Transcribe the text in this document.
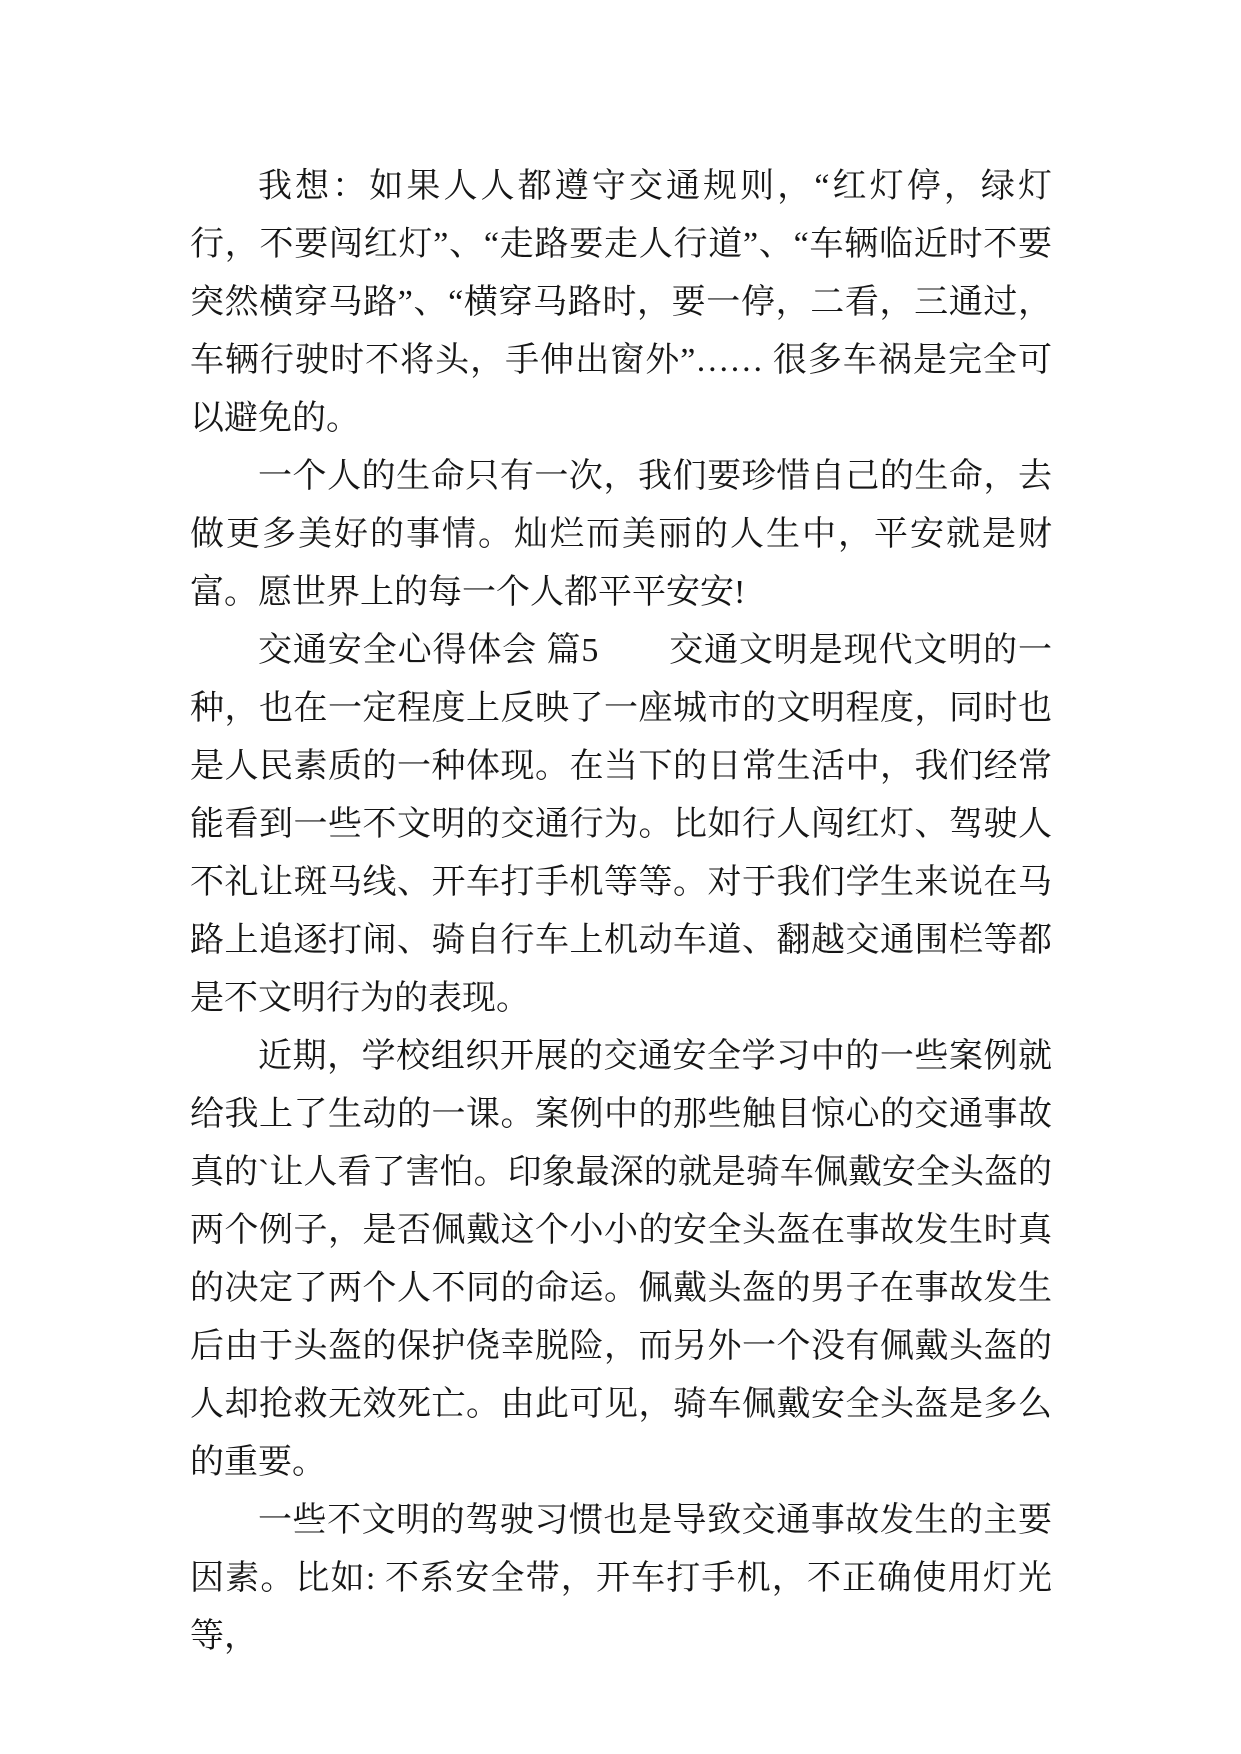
我想：如果人人都遵守交通规则，“红灯停，绿灯行，不要闯红灯”、“走路要走人行道”、“车辆临近时不要突然横穿马路”、“横穿马路时，要一停，二看，三通过，车辆行驶时不将头，手伸出窗外”…… 很多车祸是完全可以避免的。

一个人的生命只有一次，我们要珍惜自己的生命，去做更多美好的事情。灿烂而美丽的人生中，平安就是财富。愿世界上的每一个人都平平安安!

交通安全心得体会 篇5　　交通文明是现代文明的一种，也在一定程度上反映了一座城市的文明程度，同时也是人民素质的一种体现。在当下的日常生活中，我们经常能看到一些不文明的交通行为。比如行人闯红灯、驾驶人不礼让斑马线、开车打手机等等。对于我们学生来说在马路上追逐打闹、骑自行车上机动车道、翻越交通围栏等都是不文明行为的表现。

近期，学校组织开展的交通安全学习中的一些案例就给我上了生动的一课。案例中的那些触目惊心的交通事故真的`让人看了害怕。印象最深的就是骑车佩戴安全头盔的两个例子，是否佩戴这个小小的安全头盔在事故发生时真的决定了两个人不同的命运。佩戴头盔的男子在事故发生后由于头盔的保护侥幸脱险，而另外一个没有佩戴头盔的人却抢救无效死亡。由此可见，骑车佩戴安全头盔是多么的重要。

一些不文明的驾驶习惯也是导致交通事故发生的主要因素。比如: 不系安全带，开车打手机，不正确使用灯光等，
